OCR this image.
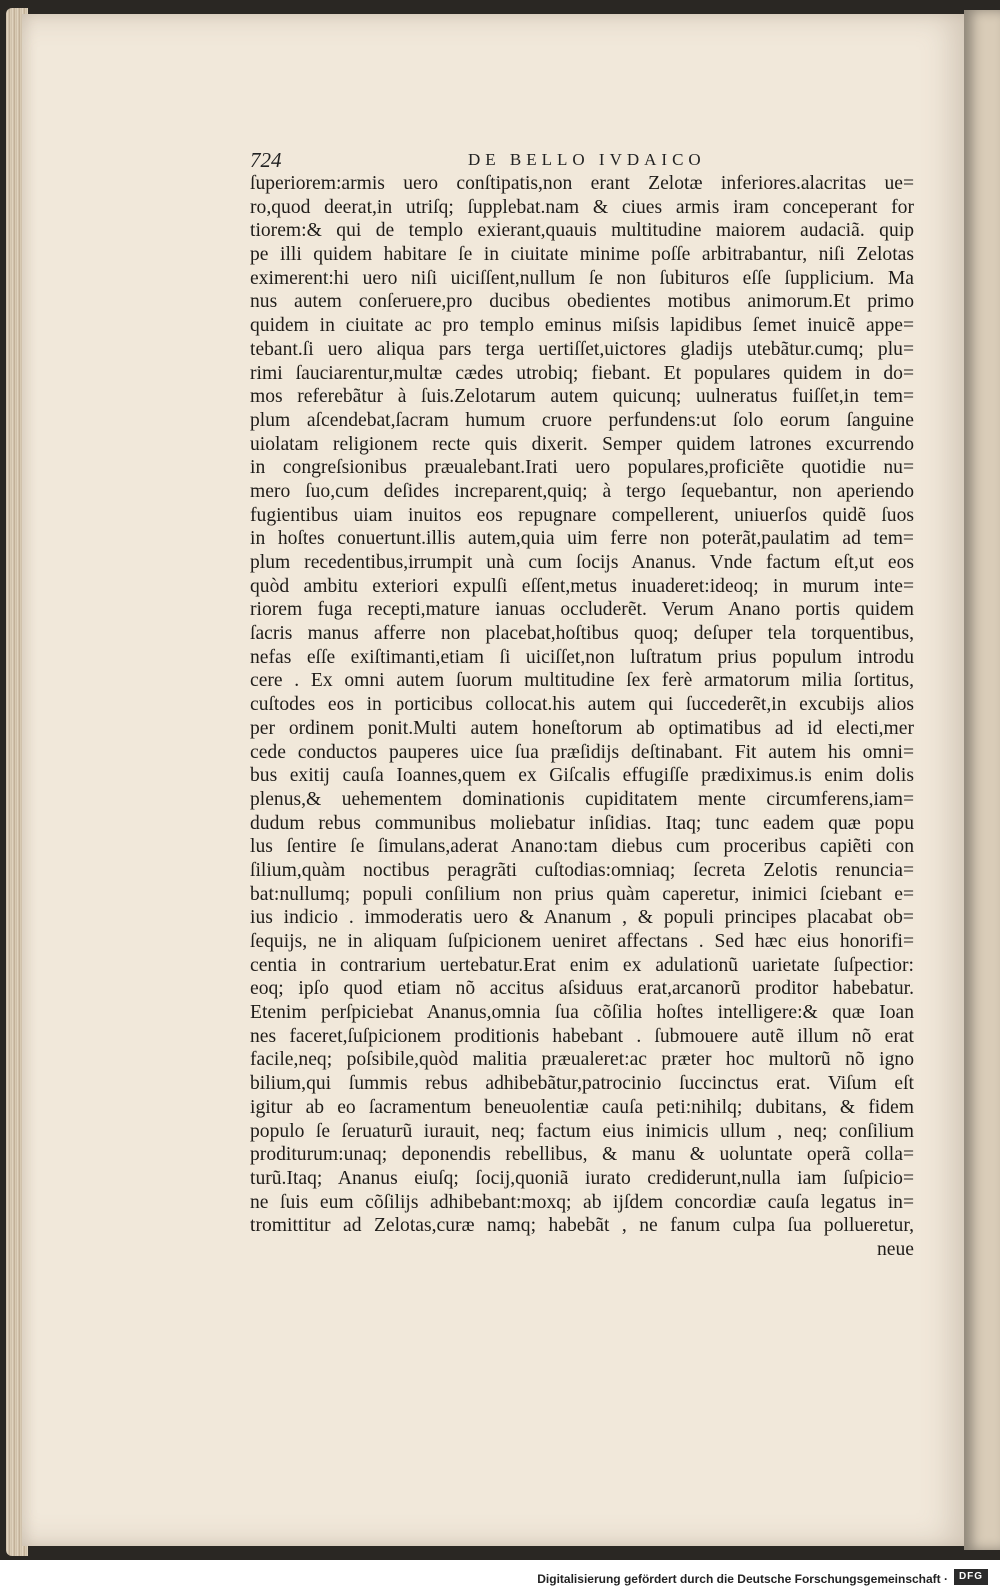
724	DE BELLO IVDAICO
ſuperiorem:armis uero conſtipatis,non erant Zelotæ inferiores.alacritas ue=
ro,quod deerat,in utriſq; ſupplebat.nam & ciues armis iram conceperant for
tiorem:& qui de templo exierant,quauis multitudine maiorem audaciã. quip
pe illi quidem habitare ſe in ciuitate minime poſſe arbitrabantur, niſi Zelotas
eximerent:hi uero niſi uiciſſent,nullum ſe non ſubituros eſſe ſupplicium. Ma
nus autem conſeruere,pro ducibus obedientes motibus animorum.Et primo
quidem in ciuitate ac pro templo eminus miſsis lapidibus ſemet inuicẽ appe=
tebant.ſi uero aliqua pars terga uertiſſet,uictores gladijs utebãtur.cumq; plu=
rimi ſauciarentur,multæ cædes utrobiq; fiebant. Et populares quidem in do=
mos referebãtur à ſuis.Zelotarum autem quicunq; uulneratus fuiſſet,in tem=
plum aſcendebat,ſacram humum cruore perfundens:ut ſolo eorum ſanguine
uiolatam religionem recte quis dixerit. Semper quidem latrones excurrendo
in congreſsionibus præualebant.Irati uero populares,proficiẽte quotidie nu=
mero ſuo,cum deſides increparent,quiq; à tergo ſequebantur, non aperiendo
fugientibus uiam inuitos eos repugnare compellerent, uniuerſos quidẽ ſuos
in hoſtes conuertunt.illis autem,quia uim ferre non poterãt,paulatim ad tem=
plum recedentibus,irrumpit unà cum ſocijs Ananus. Vnde factum eſt,ut eos
quòd ambitu exteriori expulſi eſſent,metus inuaderet:ideoq; in murum inte=
riorem fuga recepti,mature ianuas occluderẽt. Verum Anano portis quidem
ſacris manus afferre non placebat,hoſtibus quoq; deſuper tela torquentibus,
nefas eſſe exiſtimanti,etiam ſi uiciſſet,non luſtratum prius populum introdu
cere . Ex omni autem ſuorum multitudine ſex ferè armatorum milia ſortitus,
cuſtodes eos in porticibus collocat.his autem qui ſuccederẽt,in excubijs alios
per ordinem ponit.Multi autem honeſtorum ab optimatibus ad id electi,mer
cede conductos pauperes uice ſua præſidijs deſtinabant. Fit autem his omni=
bus exitij cauſa Ioannes,quem ex Giſcalis effugiſſe prædiximus.is enim dolis
plenus,& uehementem dominationis cupiditatem mente circumferens,iam=
dudum rebus communibus moliebatur inſidias. Itaq; tunc eadem quæ popu
lus ſentire ſe ſimulans,aderat Anano:tam diebus cum proceribus capiẽti con
ſilium,quàm noctibus peragrãti cuſtodias:omniaq; ſecreta Zelotis renuncia=
bat:nullumq; populi conſilium non prius quàm caperetur, inimici ſciebant e=
ius indicio . immoderatis uero & Ananum , & populi principes placabat ob=
ſequijs, ne in aliquam ſuſpicionem ueniret affectans . Sed hæc eius honorifi=
centia in contrarium uertebatur.Erat enim ex adulationũ uarietate ſuſpectior:
eoq; ipſo quod etiam nõ accitus aſsiduus erat,arcanorũ proditor habebatur.
Etenim perſpiciebat Ananus,omnia ſua cõſilia hoſtes intelligere:& quæ Ioan
nes faceret,ſuſpicionem proditionis habebant . ſubmouere autẽ illum nõ erat
facile,neq; poſsibile,quòd malitia præualeret:ac præter hoc multorũ nõ igno
bilium,qui ſummis rebus adhibebãtur,patrocinio ſuccinctus erat. Viſum eſt
igitur ab eo ſacramentum beneuolentiæ cauſa peti:nihilq; dubitans, & fidem
populo ſe ſeruaturũ iurauit, neq; factum eius inimicis ullum , neq; conſilium
proditurum:unaq; deponendis rebellibus, & manu & uoluntate operã colla=
turũ.Itaq; Ananus eiuſq; ſocij,quoniã iurato crediderunt,nulla iam ſuſpicio=
ne ſuis eum cõſilijs adhibebant:moxq; ab ijſdem concordiæ cauſa legatus in=
tromittitur ad Zelotas,curæ namq; habebãt , ne fanum culpa ſua pollueretur,
neue
Digitalisierung gefördert durch die Deutsche Forschungsgemeinschaft ·	DFG
